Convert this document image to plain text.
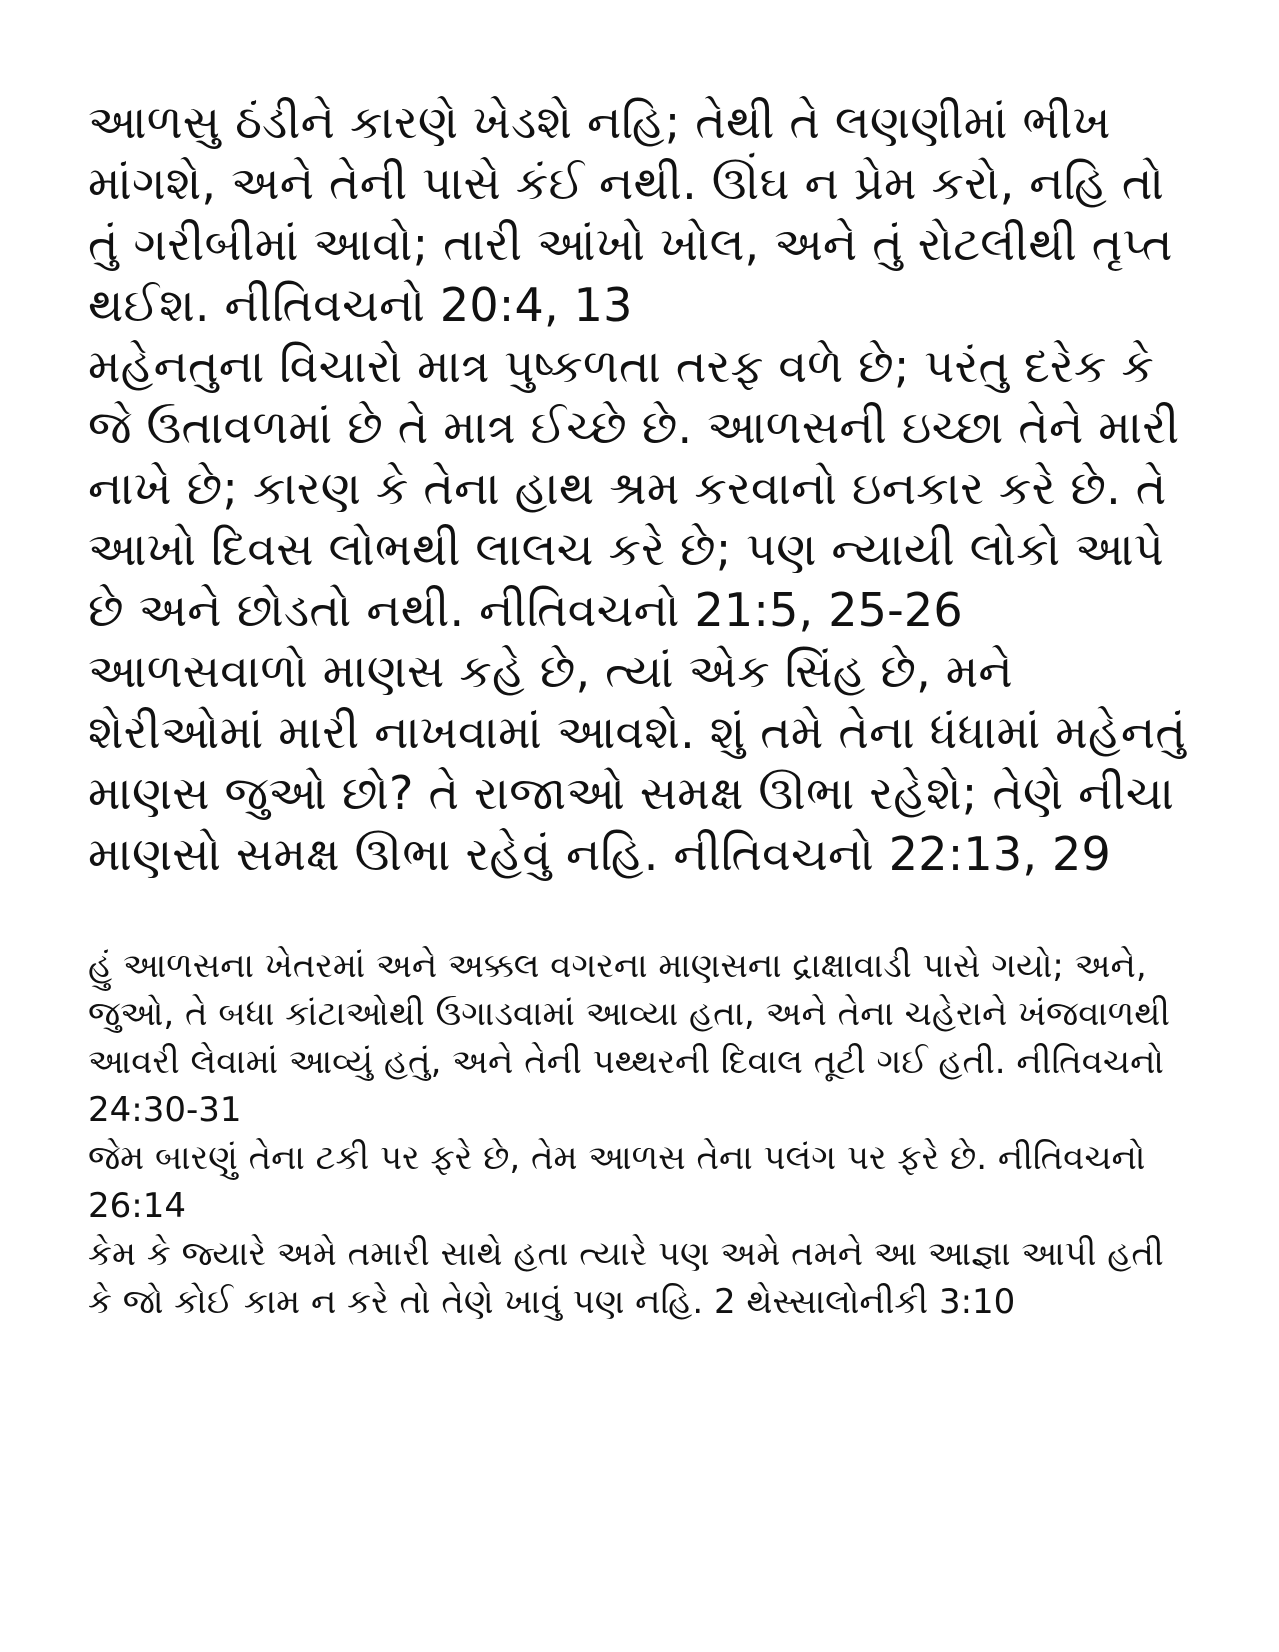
આળસુ ઠંડીને કારણે ખેડશે નહિ; તેથી તે લણણીમાં ભીખ માંગશે, અને તેની પાસે કંઈ નથી. ઊંઘ ન પ્રેમ કરો, નહિ તો તું ગરીબીમાં આવો; તારી આંખો ખોલ, અને તું રોટલીથી તૃપ્ત થઈશ. નીતિવચનો 20:4, 13

મહેનતુના વિચારો માત્ર પુષ્કળતા તરફ વળે છે; પરંતુ દરેક કે જે ઉતાવળમાં છે તે માત્ર ઈચ્છે છે. આળસની ઇચ્છા તેને મારી નાખે છે; કારણ કે તેના હાથ શ્રમ કરવાનો ઇનકાર કરે છે. તે આખો દિવસ લોભથી લાલચ કરે છે; પણ ન્યાયી લોકો આપે છે અને છોડતો નથી. નીતિવચનો 21:5, 25-26

આળસવાળો માણસ કહે છે, ત્યાં એક સિંહ છે, મને શેરીઓમાં મારી નાખવામાં આવશે. શું તમે તેના ધંધામાં મહેનતું માણસ જુઓ છો? તે રાજાઓ સમક્ષ ઊભા રહેશે; તેણે નીચા માણસો સમક્ષ ઊભા રહેવું નહિ. નીતિવચનો 22:13, 29

હું આળસના ખેતરમાં અને અક્કલ વગરના માણસના દ્રાક્ષાવાડી પાસે ગયો; અને, જુઓ, તે બધા કાંટાઓથી ઉગાડવામાં આવ્યા હતા, અને તેના ચહેરાને ખંજવાળથી આવરી લેવામાં આવ્યું હતું, અને તેની પથ્થરની દિવાલ તૂટી ગઈ હતી. નીતિવચનો 24:30-31

જેમ બારણું તેના ટકી પર ફરે છે, તેમ આળસ તેના પલંગ પર ફરે છે. નીતિવચનો 26:14

કેમ કે જ્યારે અમે તમારી સાથે હતા ત્યારે પણ અમે તમને આ આજ્ઞા આપી હતી કે જો કોઈ કામ ન કરે તો તેણે ખાવું પણ નહિ. 2 થેસ્સાલોનીકી 3:10
